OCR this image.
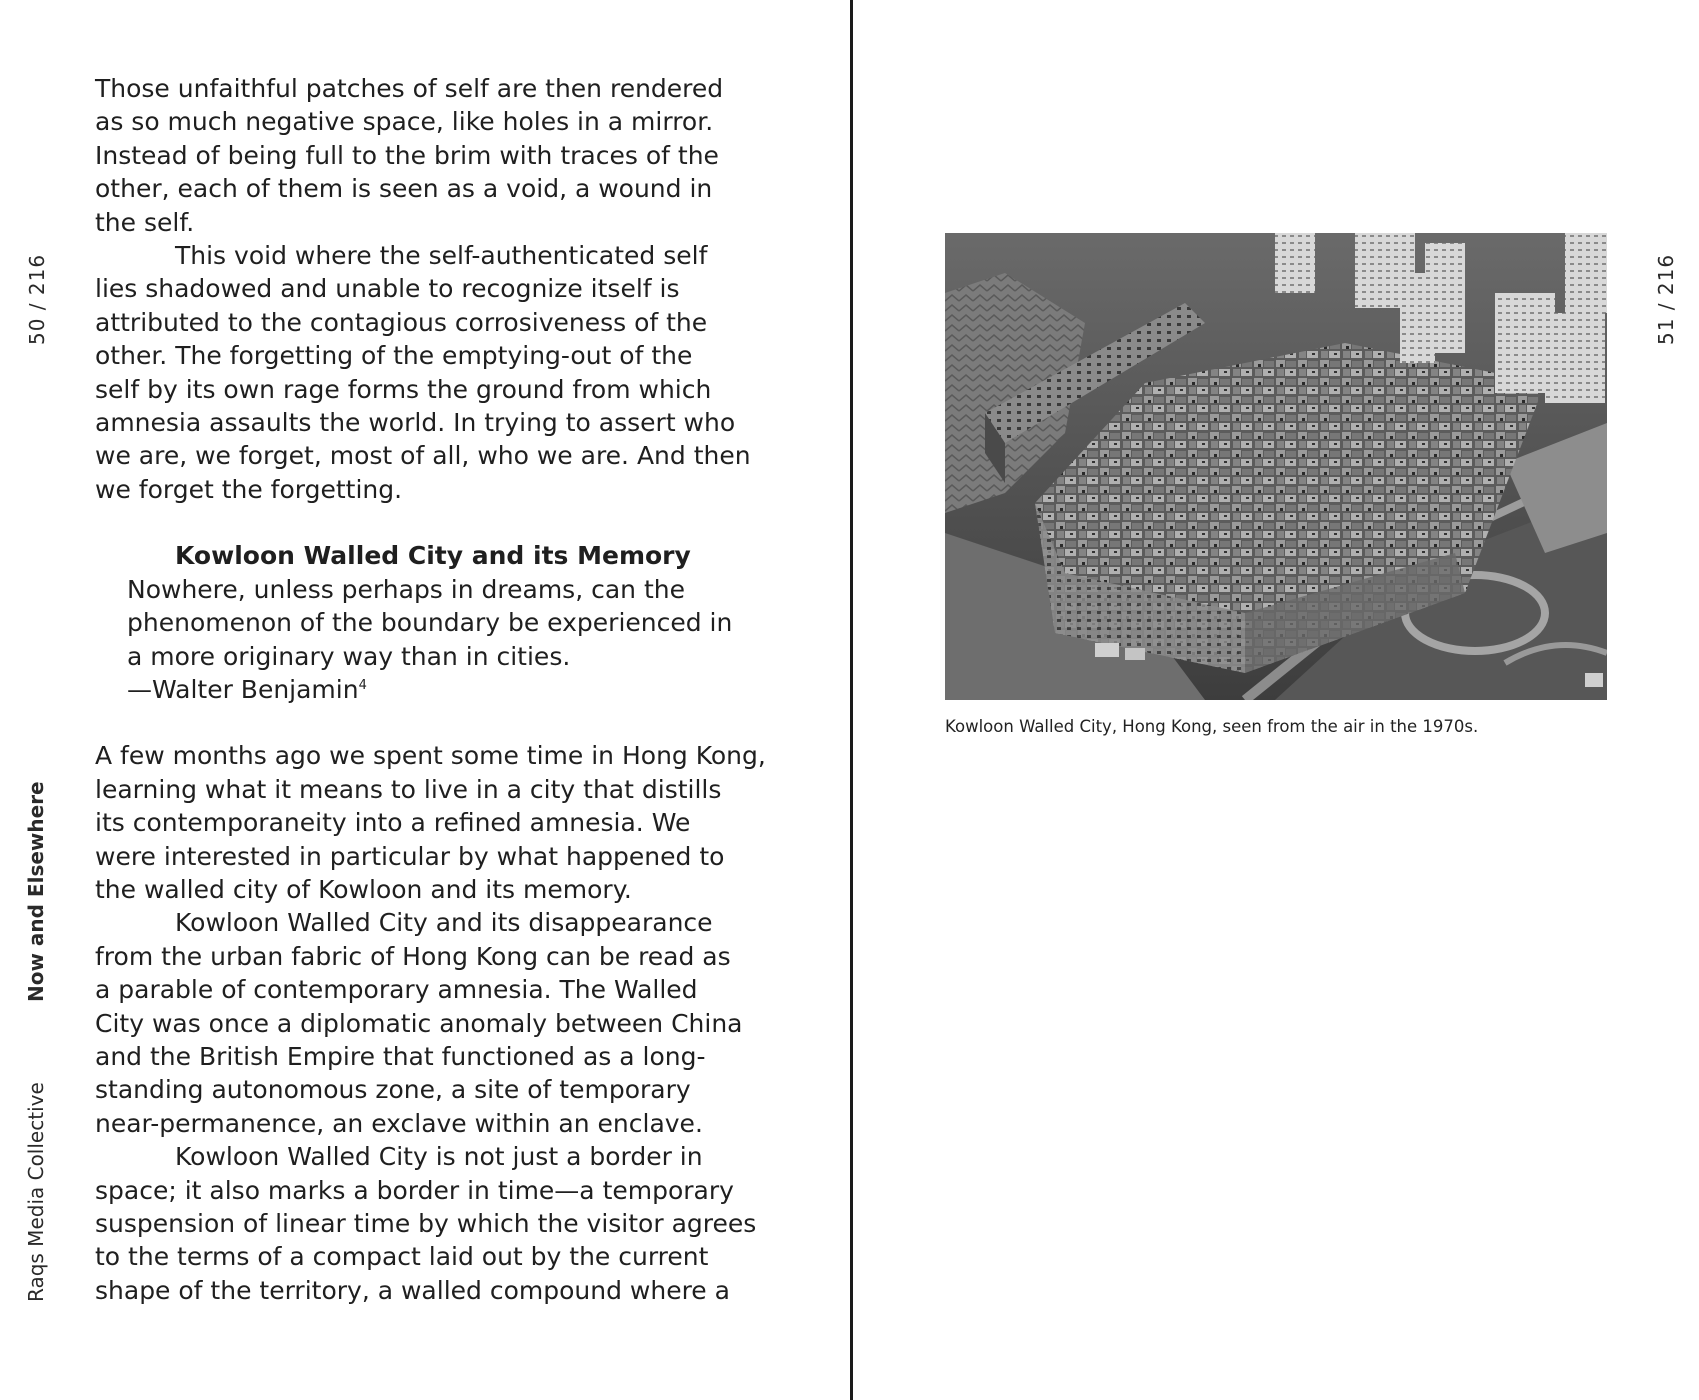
50 / 216
Now and Elsewhere
Raqs Media Collective
51 / 216

Those unfaithful patches of self are then rendered
as so much negative space, like holes in a mirror.
Instead of being full to the brim with traces of the
other, each of them is seen as a void, a wound in
the self.

This void where the self-authenticated self
lies shadowed and unable to recognize itself is
attributed to the contagious corrosiveness of the
other. The forgetting of the emptying-out of the
self by its own rage forms the ground from which
amnesia assaults the world. In trying to assert who
we are, we forget, most of all, who we are. And then
we forget the forgetting.

Kowloon Walled City and its Memory

Nowhere, unless perhaps in dreams, can the
phenomenon of the boundary be experienced in
a more originary way than in cities.
—Walter Benjamin$^4$

A few months ago we spent some time in Hong Kong,
learning what it means to live in a city that distills
its contemporaneity into a refined amnesia. We
were interested in particular by what happened to
the walled city of Kowloon and its memory.

Kowloon Walled City and its disappearance
from the urban fabric of Hong Kong can be read as
a parable of contemporary amnesia. The Walled
City was once a diplomatic anomaly between China
and the British Empire that functioned as a long-
standing autonomous zone, a site of temporary
near-permanence, an exclave within an enclave.

Kowloon Walled City is not just a border in
space; it also marks a border in time—a temporary
suspension of linear time by which the visitor agrees
to the terms of a compact laid out by the current
shape of the territory, a walled compound where a

Kowloon Walled City, Hong Kong, seen from the air in the 1970s.
